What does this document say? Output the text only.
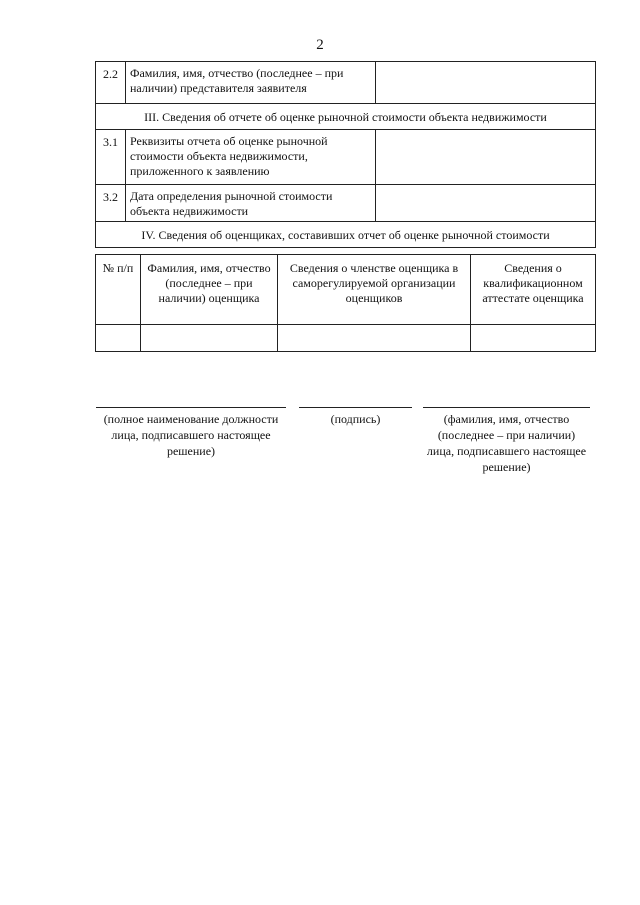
2
2.2	Фамилия, имя, отчество (последнее – при наличии) представителя заявителя	
III. Сведения об отчете об оценке рыночной стоимости объекта недвижимости		
3.1	Реквизиты отчета об оценке рыночной стоимости объекта недвижимости, приложенного к заявлению	
3.2	Дата определения рыночной стоимости объекта недвижимости	
IV. Сведения об оценщиках, составивших отчет об оценке рыночной стоимости		
№ п/п	Фамилия, имя, отчество (последнее – при наличии) оценщика	Сведения о членстве оценщика в саморегулируемой организации оценщиков	Сведения о квалификационном аттестате оценщика

(полное наименование должности лица, подписавшего настоящее решение)
(подпись)	(фамилия, имя, отчество (последнее – при наличии) лица, подписавшего настоящее решение)
